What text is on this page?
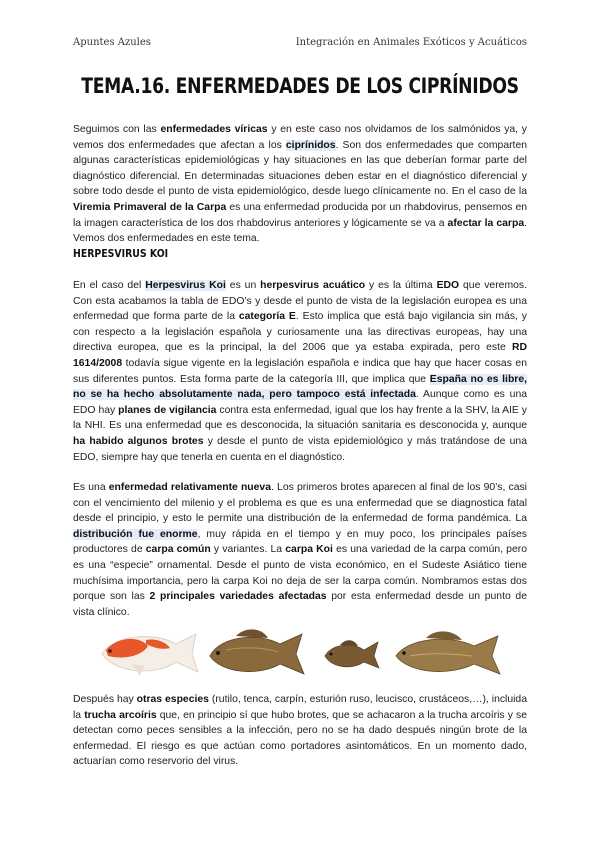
Apuntes Azules	Integración en Animales Exóticos y Acuáticos
TEMA.16. ENFERMEDADES DE LOS CIPRÍNIDOS
Seguimos con las enfermedades víricas y en este caso nos olvidamos de los salmónidos ya, y vemos dos enfermedades que afectan a los ciprínidos. Son dos enfermedades que comparten algunas características epidemiológicas y hay situaciones en las que deberían formar parte del diagnóstico diferencial. En determinadas situaciones deben estar en el diagnóstico diferencial y sobre todo desde el punto de vista epidemiológico, desde luego clínicamente no. En el caso de la Viremia Primaveral de la Carpa es una enfermedad producida por un rhabdovirus, pensemos en la imagen característica de los dos rhabdovirus anteriores y lógicamente se va a afectar la carpa. Vemos dos enfermedades en este tema.
HERPESVIRUS KOI
En el caso del Herpesvirus Koi es un herpesvirus acuático y es la última EDO que veremos. Con esta acabamos la tabla de EDO’s y desde el punto de vista de la legislación europea es una enfermedad que forma parte de la categoría E. Esto implica que está bajo vigilancia sin más, y con respecto a la legislación española y curiosamente una las directivas europeas, hay una directiva europea, que es la principal, la del 2006 que ya estaba expirada, pero este RD 1614/2008 todavía sigue vigente en la legislación española e indica que hay que hacer cosas en sus diferentes puntos. Esta forma parte de la categoría III, que implica que España no es libre, no se ha hecho absolutamente nada, pero tampoco está infectada. Aunque como es una EDO hay planes de vigilancia contra esta enfermedad, igual que los hay frente a la SHV, la AIE y la NHI. Es una enfermedad que es desconocida, la situación sanitaria es desconocida y, aunque ha habido algunos brotes y desde el punto de vista epidemiológico y más tratándose de una EDO, siempre hay que tenerla en cuenta en el diagnóstico.
Es una enfermedad relativamente nueva. Los primeros brotes aparecen al final de los 90’s, casi con el vencimiento del milenio y el problema es que es una enfermedad que se diagnostica fatal desde el principio, y esto le permite una distribución de la enfermedad de forma pandémica. La distribución fue enorme, muy rápida en el tiempo y en muy poco, los principales países productores de carpa común y variantes. La carpa Koi es una variedad de la carpa común, pero es una “especie” ornamental. Desde el punto de vista económico, en el Sudeste Asiático tiene muchísima importancia, pero la carpa Koi no deja de ser la carpa común. Nombramos estas dos porque son las 2 principales variedades afectadas por esta enfermedad desde un punto de vista clínico.
Después hay otras especies (rutilo, tenca, carpín, esturión ruso, leucisco, crustáceos,…), incluida la trucha arcoíris que, en principio sí que hubo brotes, que se achacaron a la trucha arcoíris y se detectan como peces sensibles a la infección, pero no se ha dado después ningún brote de la enfermedad. El riesgo es que actúan como portadores asintomáticos. En un momento dado, actuarían como reservorio del virus.
